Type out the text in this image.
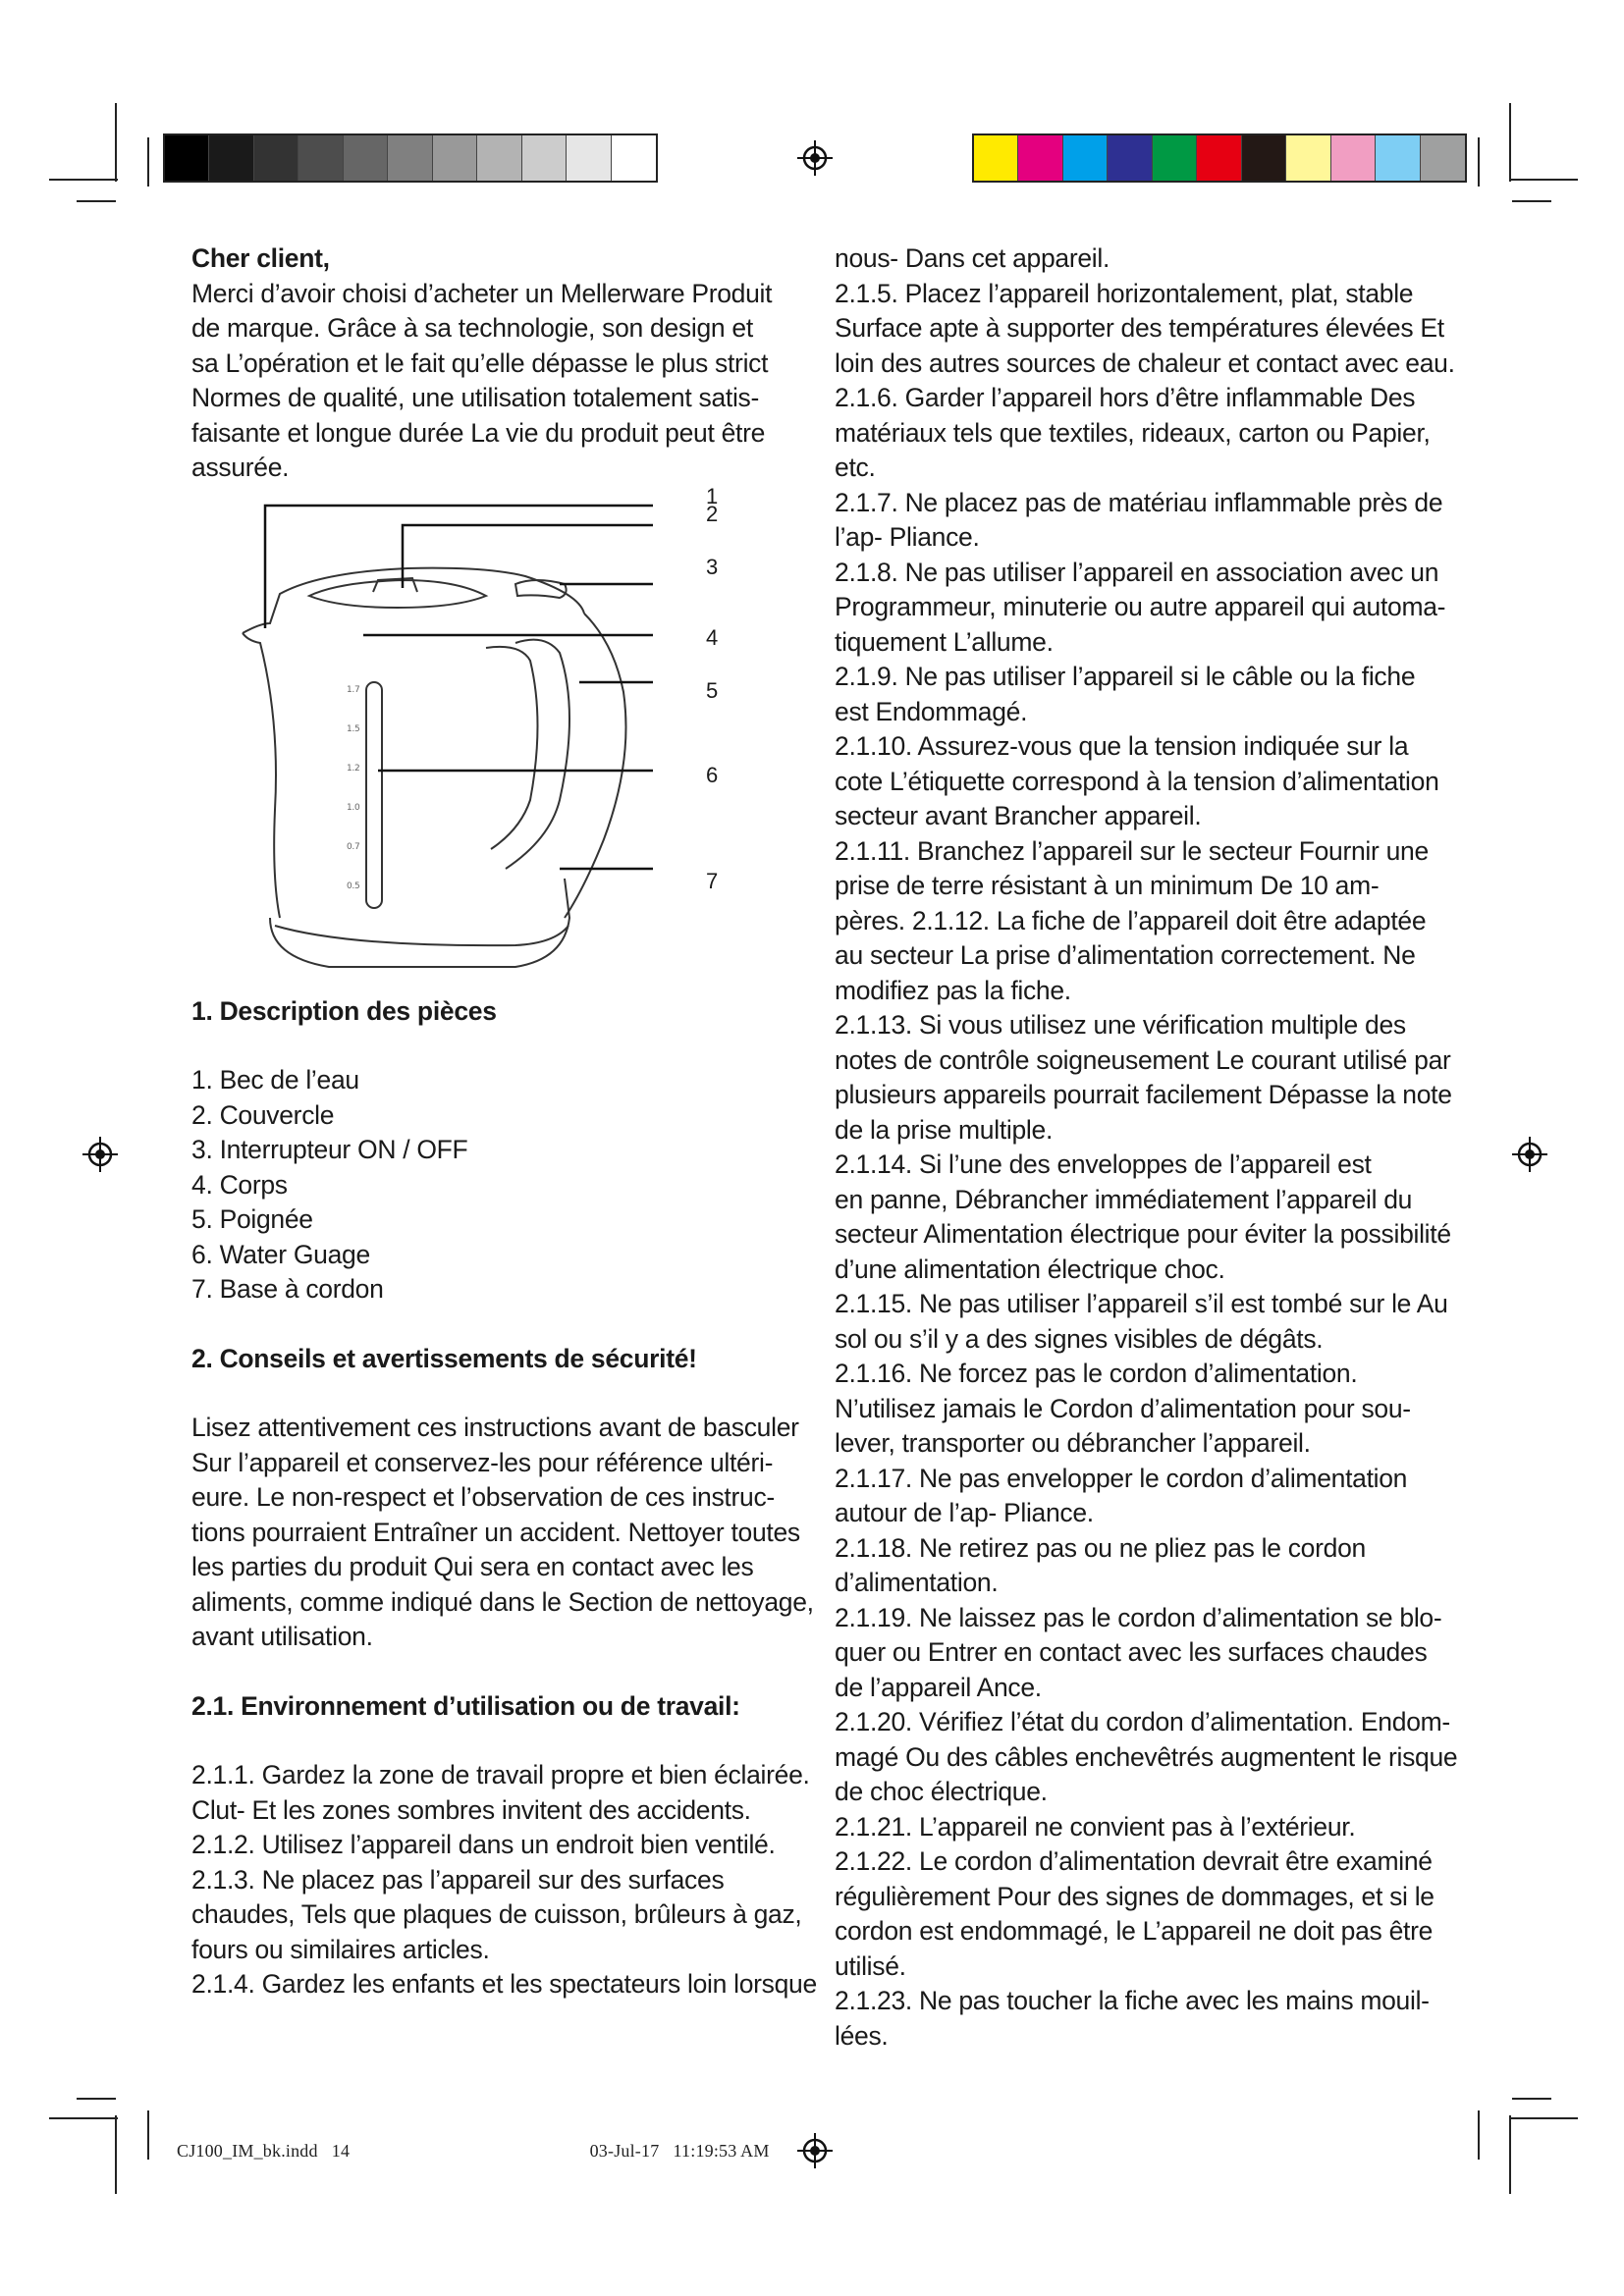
Cher client,

Merci d’avoir choisi d’acheter un Mellerware Produit

de marque. Grâce à sa technologie, son design et

sa L’opération et le fait qu’elle dépasse le plus strict

Normes de qualité, une utilisation totalement satis-

faisante et longue durée La vie du produit peut être

assurée.

1.7
1.5
1.2
1.0
0.7
0.5
1
2
3
4
5
6
7

1. Description des pièces

1. Bec de l’eau

2. Couvercle

3. Interrupteur ON / OFF

4. Corps

5. Poignée

6. Water Guage

7. Base à cordon

2. Conseils et avertissements de sécurité!

Lisez attentivement ces instructions avant de basculer

Sur l’appareil et conservez-les pour référence ultéri-

eure. Le non-respect et l’observation de ces instruc-

tions pourraient Entraîner un accident. Nettoyer toutes

les parties du produit Qui sera en contact avec les

aliments, comme indiqué dans le Section de nettoyage,

avant utilisation.

2.1. Environnement d’utilisation ou de travail:

2.1.1. Gardez la zone de travail propre et bien éclairée.

Clut- Et les zones sombres invitent des accidents.

2.1.2. Utilisez l’appareil dans un endroit bien ventilé.

2.1.3. Ne placez pas l’appareil sur des surfaces

chaudes, Tels que plaques de cuisson, brûleurs à gaz,

fours ou similaires articles.

2.1.4. Gardez les enfants et les spectateurs loin lorsque

nous- Dans cet appareil.

2.1.5. Placez l’appareil horizontalement, plat, stable

Surface apte à supporter des températures élevées Et

loin des autres sources de chaleur et contact avec eau.

2.1.6. Garder l’appareil hors d’être inflammable Des

matériaux tels que textiles, rideaux, carton ou Papier,

etc.

2.1.7. Ne placez pas de matériau inflammable près de

l’ap- Pliance.

2.1.8. Ne pas utiliser l’appareil en association avec un

Programmeur, minuterie ou autre appareil qui automa-

tiquement L’allume.

2.1.9. Ne pas utiliser l’appareil si le câble ou la fiche

est Endommagé.

2.1.10. Assurez-vous que la tension indiquée sur la

cote L’étiquette correspond à la tension d’alimentation

secteur avant Brancher appareil.

2.1.11. Branchez l’appareil sur le secteur Fournir une

prise de terre résistant à un minimum De 10 am-

pères. 2.1.12. La fiche de l’appareil doit être adaptée

au secteur La prise d’alimentation correctement. Ne

modifiez pas la fiche.

2.1.13. Si vous utilisez une vérification multiple des

notes de contrôle soigneusement Le courant utilisé par

plusieurs appareils pourrait facilement Dépasse la note

de la prise multiple.

2.1.14. Si l’une des enveloppes de l’appareil est

en panne, Débrancher immédiatement l’appareil du

secteur Alimentation électrique pour éviter la possibilité

d’une alimentation électrique choc.

2.1.15. Ne pas utiliser l’appareil s’il est tombé sur le Au

sol ou s’il y a des signes visibles de dégâts.

2.1.16. Ne forcez pas le cordon d’alimentation.

N’utilisez jamais le Cordon d’alimentation pour sou-

lever, transporter ou débrancher l’appareil.

2.1.17. Ne pas envelopper le cordon d’alimentation

autour de l’ap- Pliance.

2.1.18. Ne retirez pas ou ne pliez pas le cordon

d’alimentation.

2.1.19. Ne laissez pas le cordon d’alimentation se blo-

quer ou Entrer en contact avec les surfaces chaudes

de l’appareil Ance.

2.1.20. Vérifiez l’état du cordon d’alimentation. Endom-

magé Ou des câbles enchevêtrés augmentent le risque

de choc électrique.

2.1.21. L’appareil ne convient pas à l’extérieur.

2.1.22. Le cordon d’alimentation devrait être examiné

régulièrement Pour des signes de dommages, et si le

cordon est endommagé, le L’appareil ne doit pas être

utilisé.

2.1.23. Ne pas toucher la fiche avec les mains mouil-

lées.

CJ100_IM_bk.indd   14                                                    03-Jul-17   11:19:53 AM
